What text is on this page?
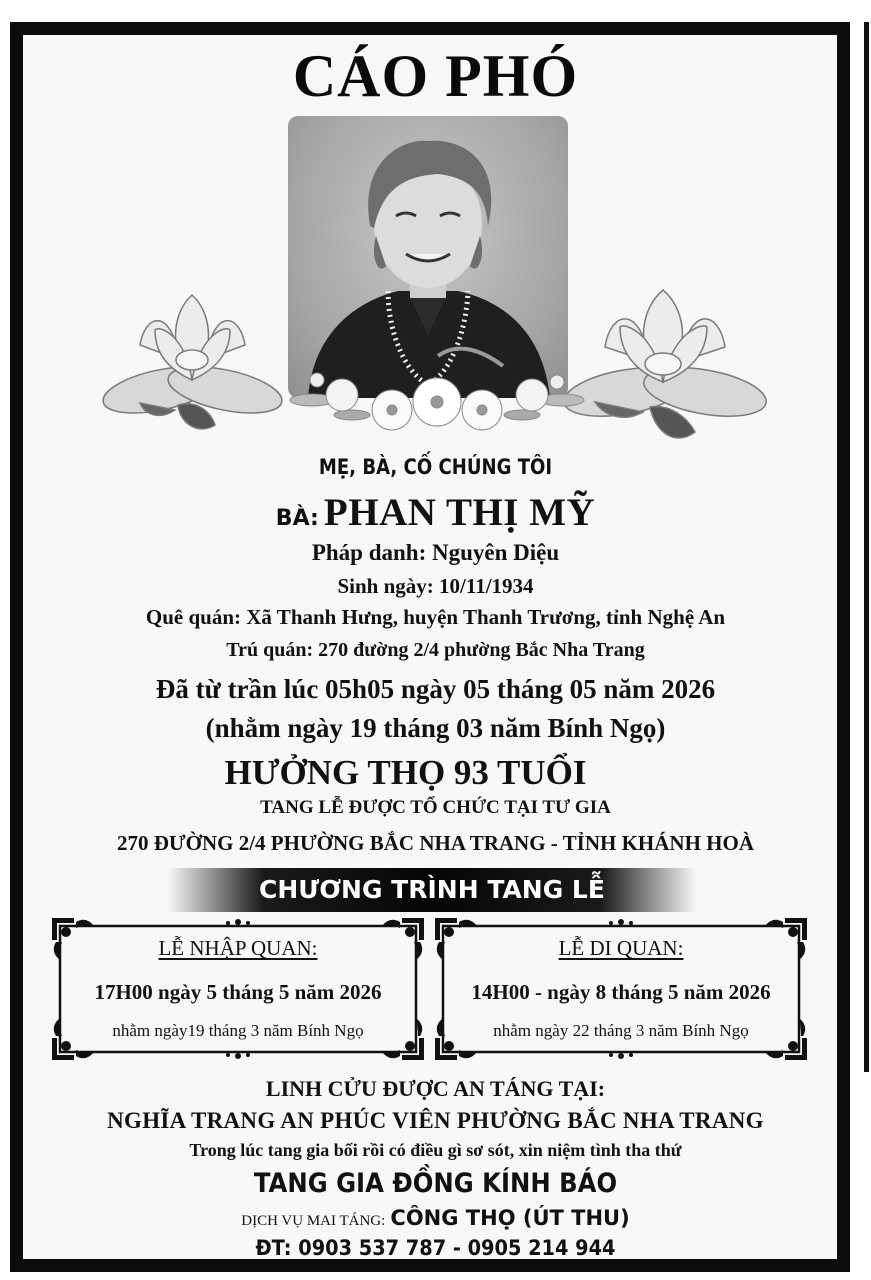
CÁO PHÓ
MẸ, BÀ, CỐ CHÚNG TÔI
BÀ: PHAN THỊ MỸ
Pháp danh: Nguyên Diệu
Sinh ngày: 10/11/1934
Quê quán: Xã Thanh Hưng, huyện Thanh Trương, tỉnh Nghệ An
Trú quán: 270 đường 2/4 phường Bắc Nha Trang
Đã từ trần lúc 05h05 ngày 05 tháng 05 năm 2026
(nhằm ngày 19 tháng 03 năm Bính Ngọ)
HƯỞNG THỌ 93 TUỔI
TANG LỄ ĐƯỢC TỔ CHỨC TẠI TƯ GIA
270 ĐƯỜNG 2/4 PHƯỜNG BẮC NHA TRANG - TỈNH KHÁNH HOÀ
CHƯƠNG TRÌNH TANG LỄ
LỄ NHẬP QUAN:
17H00 ngày 5 tháng 5 năm 2026
nhằm ngày19 tháng 3 năm Bính Ngọ
LỄ DI QUAN:
14H00 - ngày 8 tháng 5 năm 2026
nhằm ngày 22 tháng 3 năm Bính Ngọ
LINH CỬU ĐƯỢC AN TÁNG TẠI:
NGHĨA TRANG AN PHÚC VIÊN PHƯỜNG BẮC NHA TRANG
Trong lúc tang gia bối rồi có điều gì sơ sót, xin niệm tình tha thứ
TANG GIA ĐỒNG KÍNH BÁO
DỊCH VỤ MAI TÁNG: CÔNG THỌ (ÚT THU)
ĐT: 0903 537 787 - 0905 214 944
